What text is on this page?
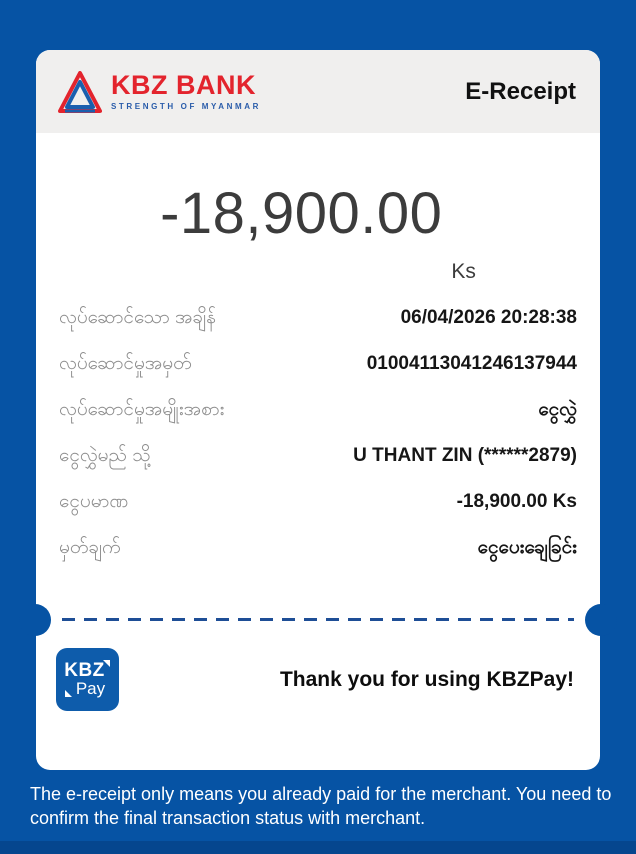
KBZ BANK
STRENGTH OF MYANMAR
E-Receipt
-18,900.00
Ks
လုပ်ဆောင်သော အချိန်	06/04/2026 20:28:38
လုပ်ဆောင်မှုအမှတ်	01004113041246137944
လုပ်ဆောင်မှုအမျိုးအစား	ငွေလွှဲ
ငွေလွှဲမည် သို့	U THANT ZIN (******2879)
ငွေပမာဏ	-18,900.00 Ks
မှတ်ချက်	ငွေပေးချေခြင်း
KBZ
Pay	Thank you for using KBZPay!
The e-receipt only means you already paid for the merchant. You need to confirm the final transaction status with merchant.
